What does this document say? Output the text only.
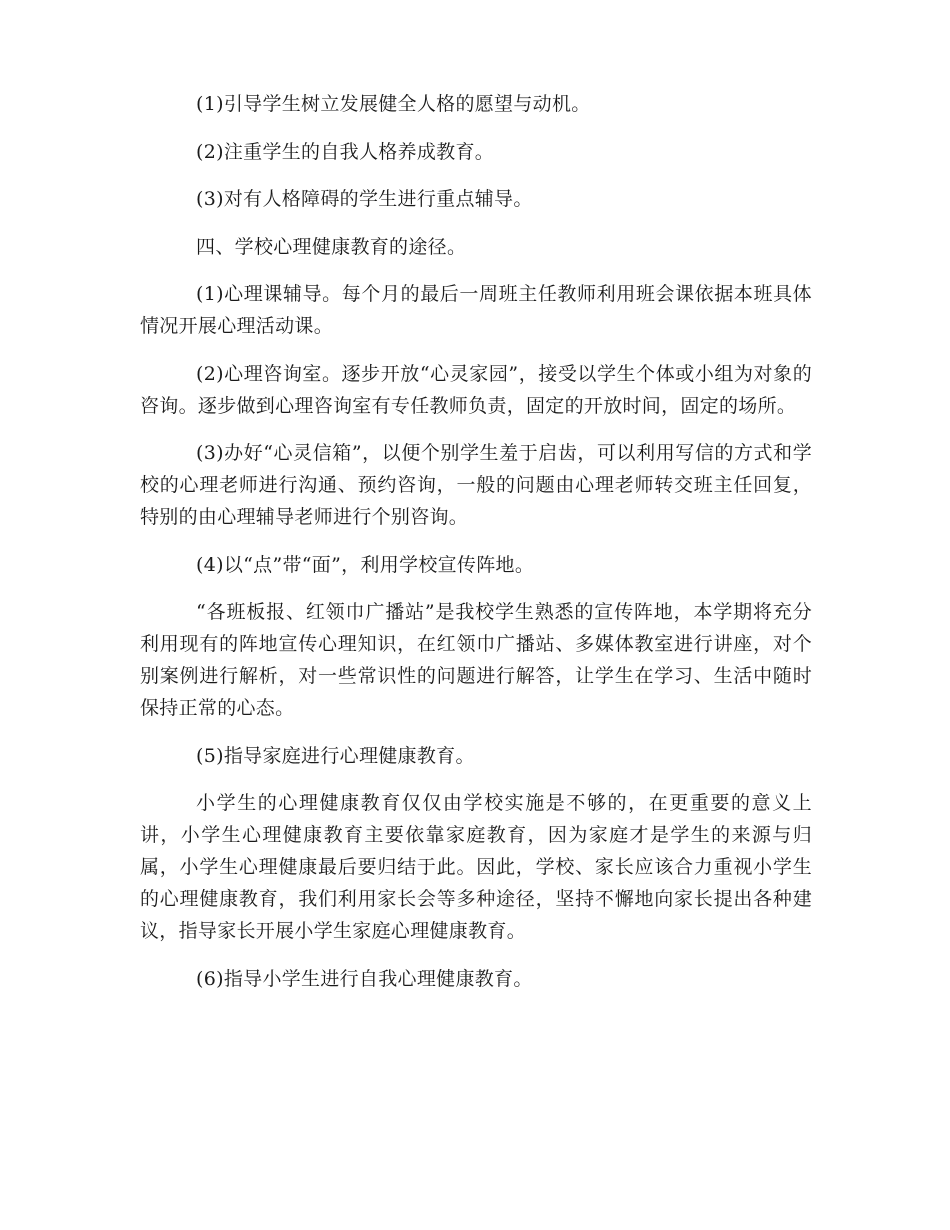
(1)引导学生树立发展健全人格的愿望与动机。

(2)注重学生的自我人格养成教育。

(3)对有人格障碍的学生进行重点辅导。

四、学校心理健康教育的途径。

(1)心理课辅导。每个月的最后一周班主任教师利用班会课依据本班具体情况开展心理活动课。

(2)心理咨询室。逐步开放“心灵家园”，接受以学生个体或小组为对象的咨询。逐步做到心理咨询室有专任教师负责，固定的开放时间，固定的场所。

(3)办好“心灵信箱”，以便个别学生羞于启齿，可以利用写信的方式和学校的心理老师进行沟通、预约咨询，一般的问题由心理老师转交班主任回复，特别的由心理辅导老师进行个别咨询。

(4)以“点”带“面”，利用学校宣传阵地。

“各班板报、红领巾广播站”是我校学生熟悉的宣传阵地，本学期将充分利用现有的阵地宣传心理知识，在红领巾广播站、多媒体教室进行讲座，对个别案例进行解析，对一些常识性的问题进行解答，让学生在学习、生活中随时保持正常的心态。

(5)指导家庭进行心理健康教育。

小学生的心理健康教育仅仅由学校实施是不够的，在更重要的意义上讲，小学生心理健康教育主要依靠家庭教育，因为家庭才是学生的来源与归属，小学生心理健康最后要归结于此。因此，学校、家长应该合力重视小学生的心理健康教育，我们利用家长会等多种途径，坚持不懈地向家长提出各种建议，指导家长开展小学生家庭心理健康教育。

(6)指导小学生进行自我心理健康教育。
